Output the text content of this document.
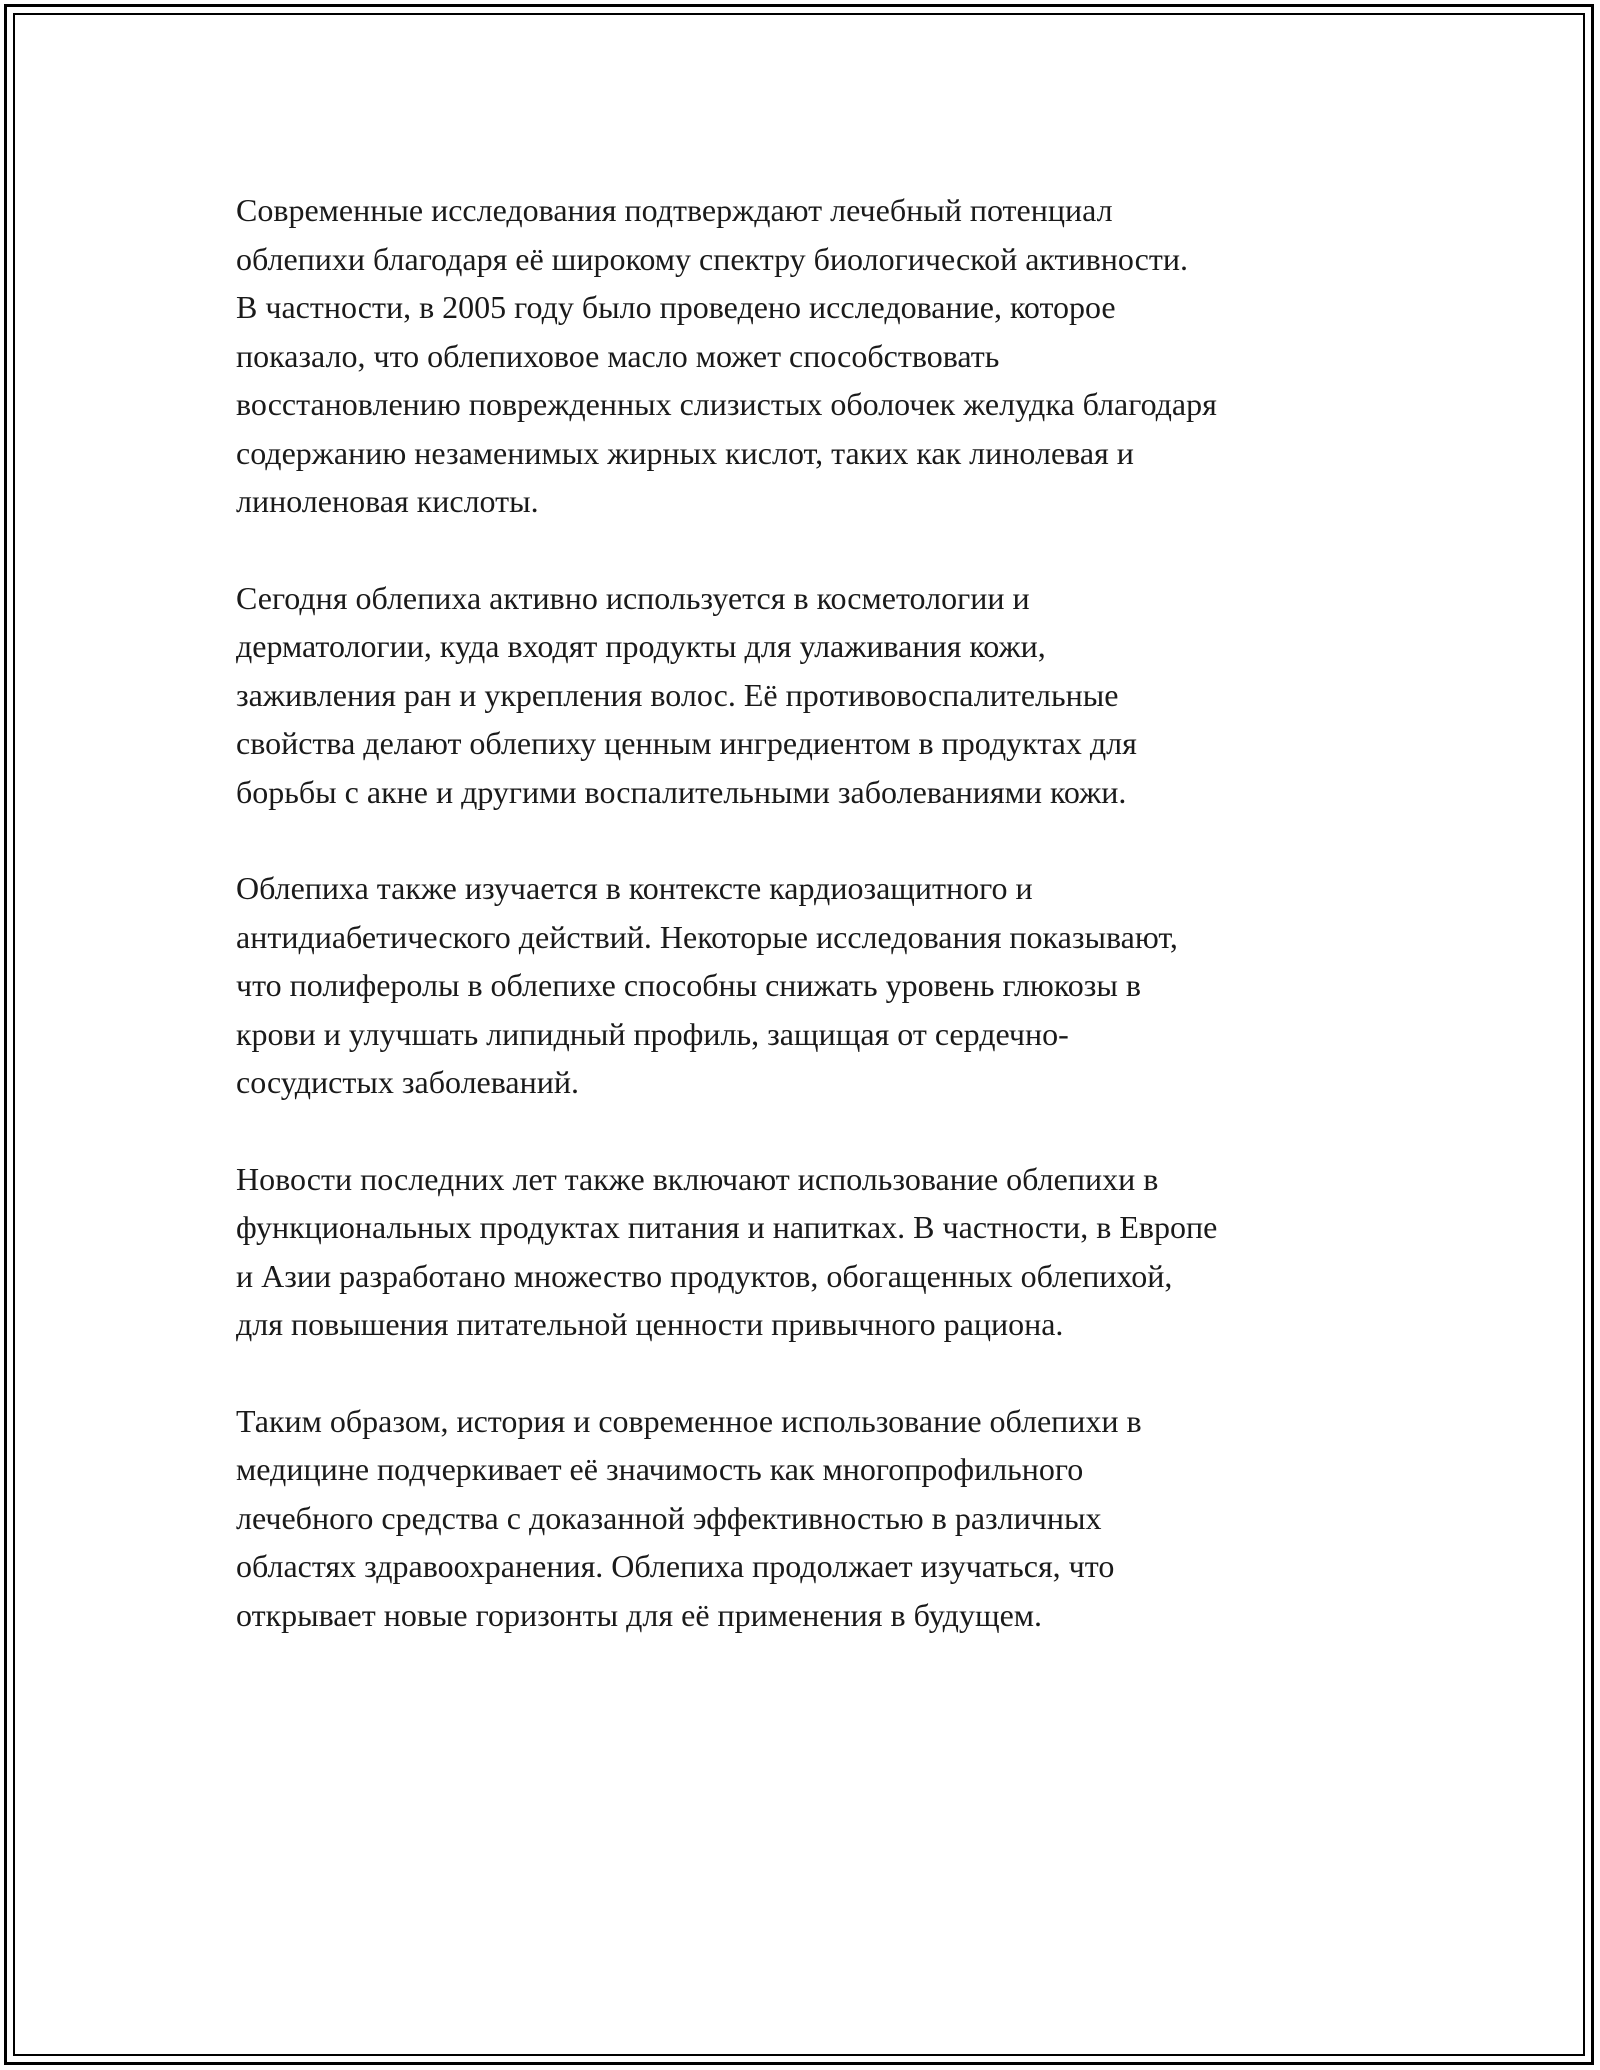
Современные исследования подтверждают лечебный потенциал
облепихи благодаря её широкому спектру биологической активности.
В частности, в 2005 году было проведено исследование, которое
показало, что облепиховое масло может способствовать
восстановлению поврежденных слизистых оболочек желудка благодаря
содержанию незаменимых жирных кислот, таких как линолевая и
линоленовая кислоты.

Сегодня облепиха активно используется в косметологии и
дерматологии, куда входят продукты для улаживания кожи,
заживления ран и укрепления волос. Её противовоспалительные
свойства делают облепиху ценным ингредиентом в продуктах для
борьбы с акне и другими воспалительными заболеваниями кожи.

Облепиха также изучается в контексте кардиозащитного и
антидиабетического действий. Некоторые исследования показывают,
что полиферолы в облепихе способны снижать уровень глюкозы в
крови и улучшать липидный профиль, защищая от сердечно-
сосудистых заболеваний.

Новости последних лет также включают использование облепихи в
функциональных продуктах питания и напитках. В частности, в Европе
и Азии разработано множество продуктов, обогащенных облепихой,
для повышения питательной ценности привычного рациона.

Таким образом, история и современное использование облепихи в
медицине подчеркивает её значимость как многопрофильного
лечебного средства с доказанной эффективностью в различных
областях здравоохранения. Облепиха продолжает изучаться, что
открывает новые горизонты для её применения в будущем.
